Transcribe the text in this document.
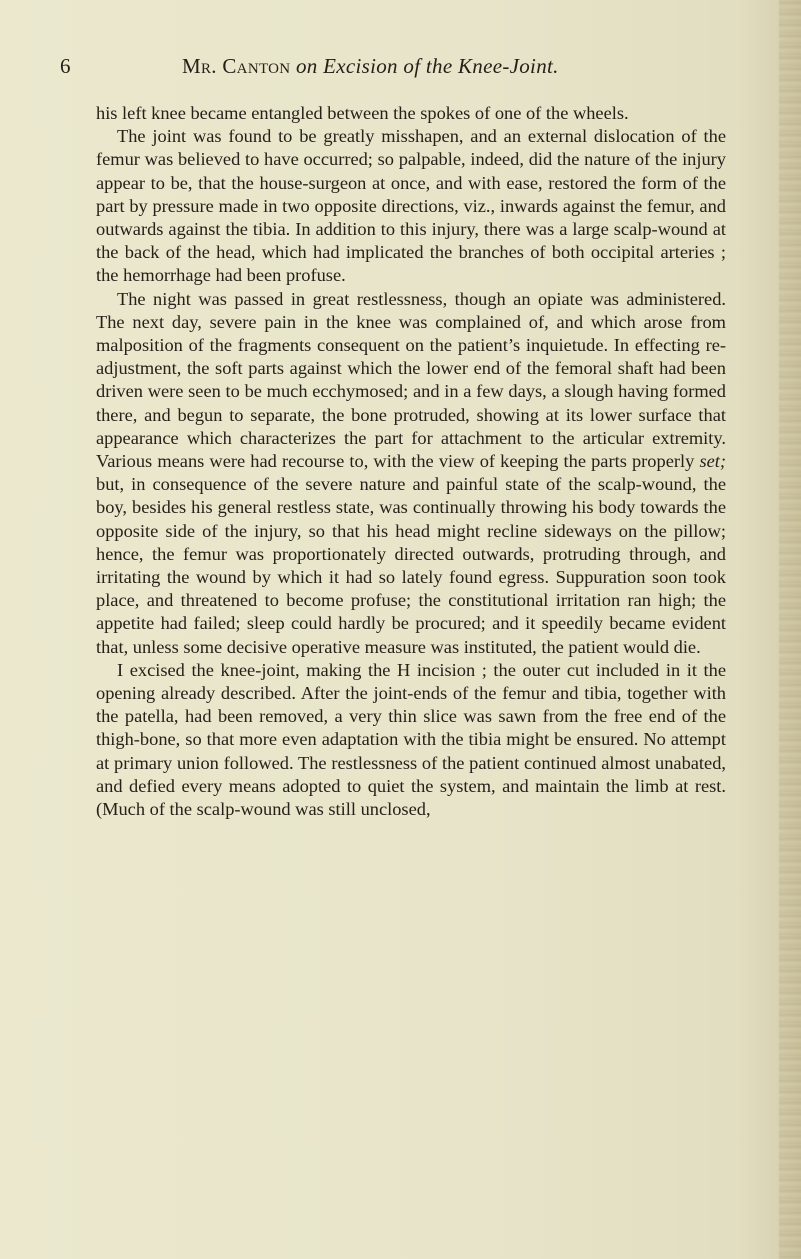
6	Mr. Canton on Excision of the Knee-Joint.

his left knee became entangled between the spokes of one of the wheels.

The joint was found to be greatly misshapen, and an external dislocation of the femur was believed to have occurred; so palpable, indeed, did the nature of the injury appear to be, that the house-surgeon at once, and with ease, restored the form of the part by pressure made in two opposite directions, viz., inwards against the femur, and outwards against the tibia. In addition to this injury, there was a large scalp-wound at the back of the head, which had implicated the branches of both occipital arteries ; the hemorrhage had been profuse.

The night was passed in great restlessness, though an opiate was administered. The next day, severe pain in the knee was complained of, and which arose from malposition of the fragments consequent on the patient’s inquietude. In effecting re-adjustment, the soft parts against which the lower end of the femoral shaft had been driven were seen to be much ecchymosed; and in a few days, a slough having formed there, and begun to separate, the bone protruded, showing at its lower surface that appearance which characterizes the part for attachment to the articular extremity. Various means were had recourse to, with the view of keeping the parts properly set; but, in consequence of the severe nature and painful state of the scalp-wound, the boy, besides his general restless state, was continually throwing his body towards the opposite side of the injury, so that his head might recline sideways on the pillow; hence, the femur was proportionately directed outwards, protruding through, and irritating the wound by which it had so lately found egress. Suppuration soon took place, and threatened to become profuse; the constitutional irritation ran high; the appetite had failed; sleep could hardly be procured; and it speedily became evident that, unless some decisive operative measure was instituted, the patient would die.

I excised the knee-joint, making the H incision ; the outer cut included in it the opening already described. After the joint-ends of the femur and tibia, together with the patella, had been removed, a very thin slice was sawn from the free end of the thigh-bone, so that more even adaptation with the tibia might be ensured. No attempt at primary union followed. The restlessness of the patient continued almost unabated, and defied every means adopted to quiet the system, and maintain the limb at rest. (Much of the scalp-wound was still unclosed,
